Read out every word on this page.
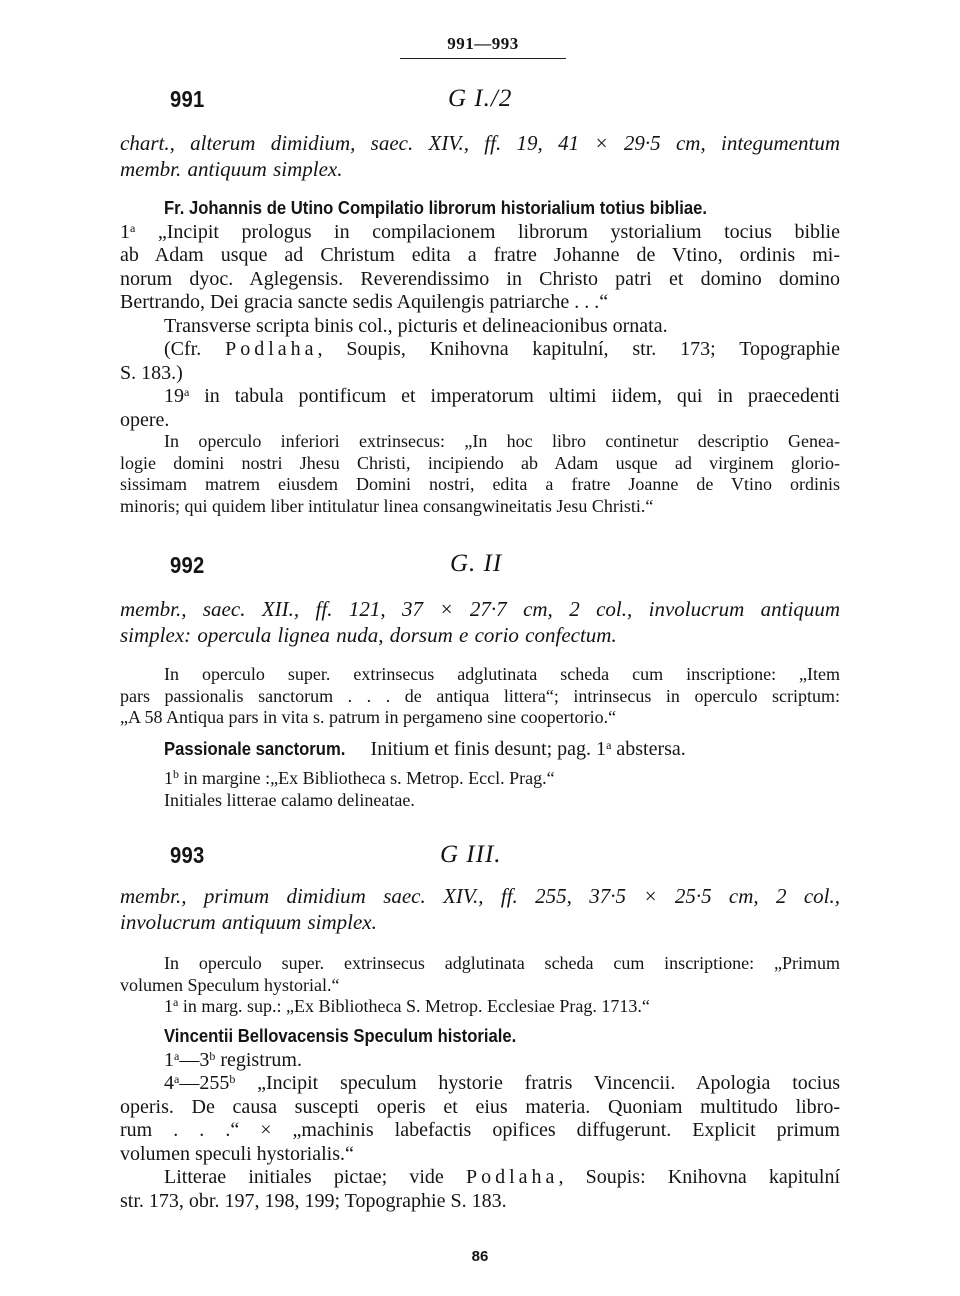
991—993
991	G I./2
chart., alterum dimidium, saec. XIV., ff. 19, 41 × 29·5 cm, integumentum
membr. antiquum simplex.
Fr. Johannis de Utino Compilatio librorum historialium totius bibliae.
1$^a$ „Incipit prologus in compilacionem librorum ystorialium tocius biblie
ab Adam usque ad Christum edita a fratre Johanne de Vtino, ordinis mi-
norum dyoc. Aglegensis. Reverendissimo in Christo patri et domino domino
Bertrando, Dei gracia sancte sedis Aquilengis patriarche . . .“
Transverse scripta binis col., picturis et delineacionibus ornata.
(Cfr. Podlaha, Soupis, Knihovna kapitulní, str. 173; Topographie
S. 183.)
19$^a$ in tabula pontificum et imperatorum ultimi iidem, qui in praecedenti
opere.
In operculo inferiori extrinsecus: „In hoc libro continetur descriptio Genea-
logie domini nostri Jhesu Christi, incipiendo ab Adam usque ad virginem glorio-
sissimam matrem eiusdem Domini nostri, edita a fratre Joanne de Vtino ordinis
minoris; qui quidem liber intitulatur linea consangwineitatis Jesu Christi.“
992	G. II
membr., saec. XII., ff. 121, 37 × 27·7 cm, 2 col., involucrum antiquum
simplex: opercula lignea nuda, dorsum e corio confectum.
In operculo super. extrinsecus adglutinata scheda cum inscriptione: „Item
pars passionalis sanctorum . . . de antiqua littera“; intrinsecus in operculo scriptum:
„A 58 Antiqua pars in vita s. patrum in pergameno sine coopertorio.“
Passionale sanctorum. Initium et finis desunt; pag. 1$^a$ abstersa.
1$^b$ in margine :„Ex Bibliotheca s. Metrop. Eccl. Prag.“
Initiales litterae calamo delineatae.
993	G III.
membr., primum dimidium saec. XIV., ff. 255, 37·5 × 25·5 cm, 2 col.,
involucrum antiquum simplex.
In operculo super. extrinsecus adglutinata scheda cum inscriptione: „Primum
volumen Speculum hystorial.“
1$^a$ in marg. sup.: „Ex Bibliotheca S. Metrop. Ecclesiae Prag. 1713.“
Vincentii Bellovacensis Speculum historiale.
1$^a$—3$^b$ registrum.
4$^a$—255$^b$ „Incipit speculum hystorie fratris Vincencii. Apologia tocius
operis. De causa suscepti operis et eius materia. Quoniam multitudo libro-
rum . . .“ × „machinis labefactis opifices diffugerunt. Explicit primum
volumen speculi hystorialis.“
Litterae initiales pictae; vide Podlaha, Soupis: Knihovna kapitulní
str. 173, obr. 197, 198, 199; Topographie S. 183.
86
